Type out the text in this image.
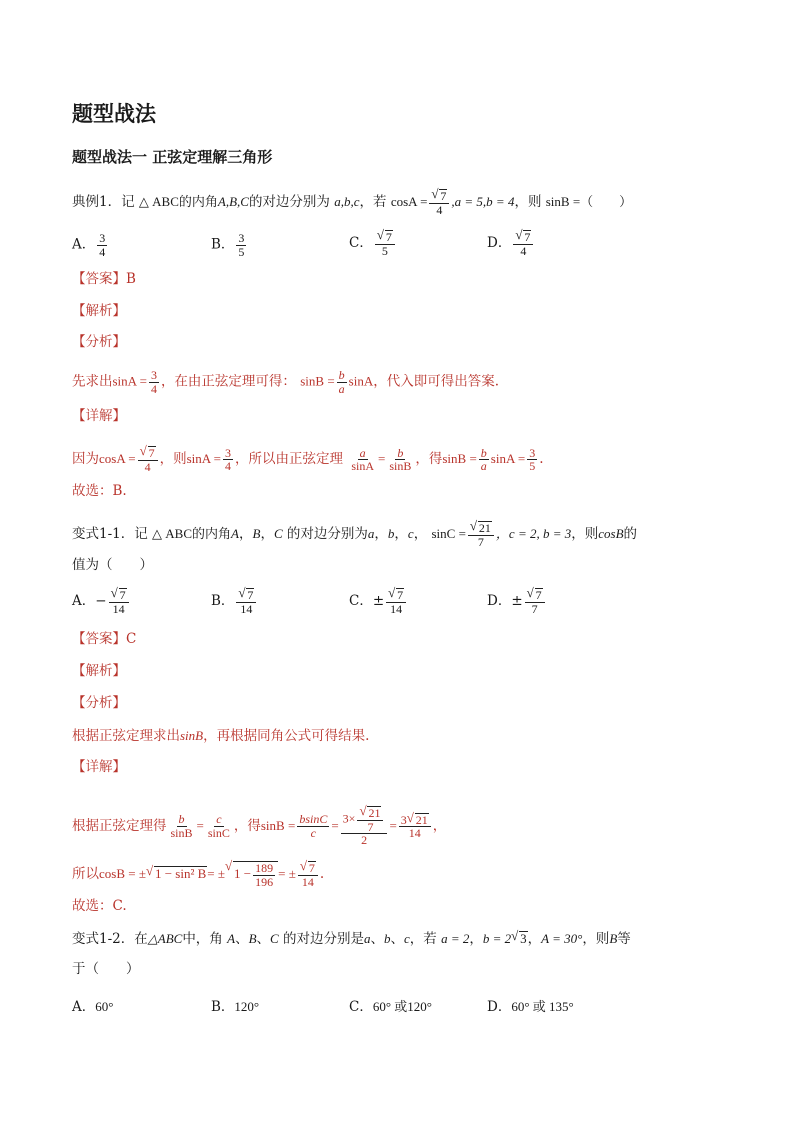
题型战法
题型战法一 正弦定理解三角形
典例1．记 △ ABC的内角A,B,C的对边分别为 a,b,c，若 cosA =
√ $\frac{7}{4} ,a = 5,b = 4$，则 sinB =（　　）
A． $\frac{3}{4}$	B． $\frac{3}{5}$	C．
√ $\frac{7}{5}$	D．
√ $\frac{7}{4}$
【答案】B
【解析】
【分析】
先求出$\sin A = \frac{3}{4}$ ，在由正弦定理可得： $\sin B = \frac{b}{a}$ sinA，代入即可得出答案.
【详解】
因为cosA =
√ $\frac{7}{4}$ ，则$\sin A = \frac{3}{4}$ ，所以由正弦定理 $\frac{a}{\sin A} = \frac{b}{\sin B}$ ，得$\sin B = \frac{b}{a}$ $\sin A = \frac{3}{5}$ .
故选：B.
变式1-1．记 △ ABC的内角A，B，C 的对边分别为a，b，c， sinC =
√ $\frac{21}{7}$ ，c = 2, b = 3，则cosB的
值为（　　）
A．−
√ $\frac{7}{14}$	B．
√ $\frac{7}{14}$	C．±
√ $\frac{7}{14}$	D．±
√ $\frac{7}{7}$
【答案】C
【解析】
【分析】
根据正弦定理求出sinB，再根据同角公式可得结果.
【详解】
根据正弦定理得 $\frac{b}{\sin B} = \frac{c}{\sin C}$ ，得$\sin B = \frac{bsinC}{c} = 3\times$
√ $\frac{21}{7}$
$2 = \frac{3√ 21}{14}$ ，
所以cosB = ±√ 1 − sin² B= ±√ $1 - \frac{189}{196}$ = ±
√ $\frac{7}{14}$ .
故选：C.
变式1-2．在△ABC中，角 A、B、C 的对边分别是a、b、c，若 a = 2，b = 2√ 3，A = 30°，则B等
于（　　）
A．60°	B．120°	C．60° 或120°	D．60° 或 135°
